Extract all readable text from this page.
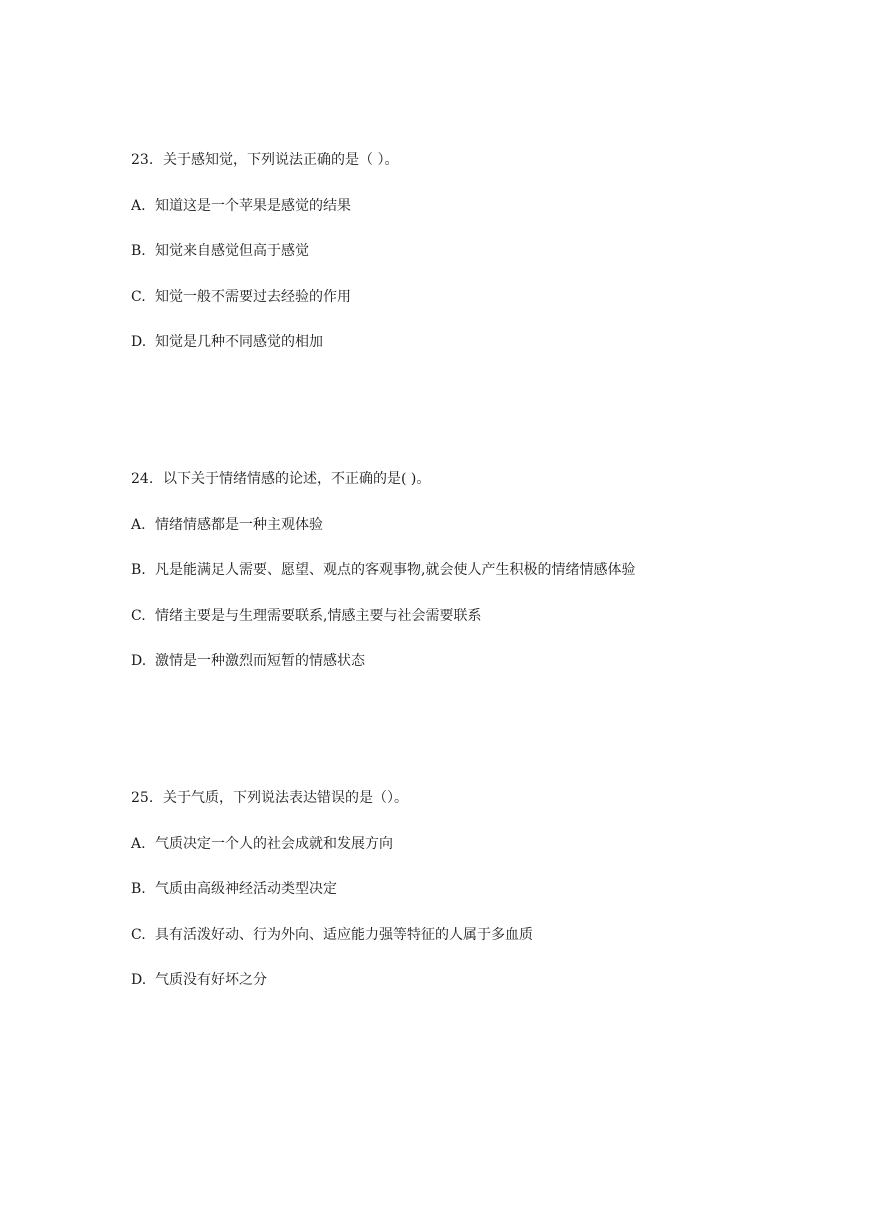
23. 关于感知觉，下列说法正确的是（ ）。
A. 知道这是一个苹果是感觉的结果
B. 知觉来自感觉但高于感觉
C. 知觉一般不需要过去经验的作用
D. 知觉是几种不同感觉的相加
24. 以下关于情绪情感的论述，不正确的是( )。
A. 情绪情感都是一种主观体验
B. 凡是能满足人需要、愿望、观点的客观事物,就会使人产生积极的情绪情感体验
C. 情绪主要是与生理需要联系,情感主要与社会需要联系
D. 激情是一种激烈而短暂的情感状态
25. 关于气质，下列说法表达错误的是（）。
A. 气质决定一个人的社会成就和发展方向
B. 气质由高级神经活动类型决定
C. 具有活泼好动、行为外向、适应能力强等特征的人属于多血质
D. 气质没有好坏之分
